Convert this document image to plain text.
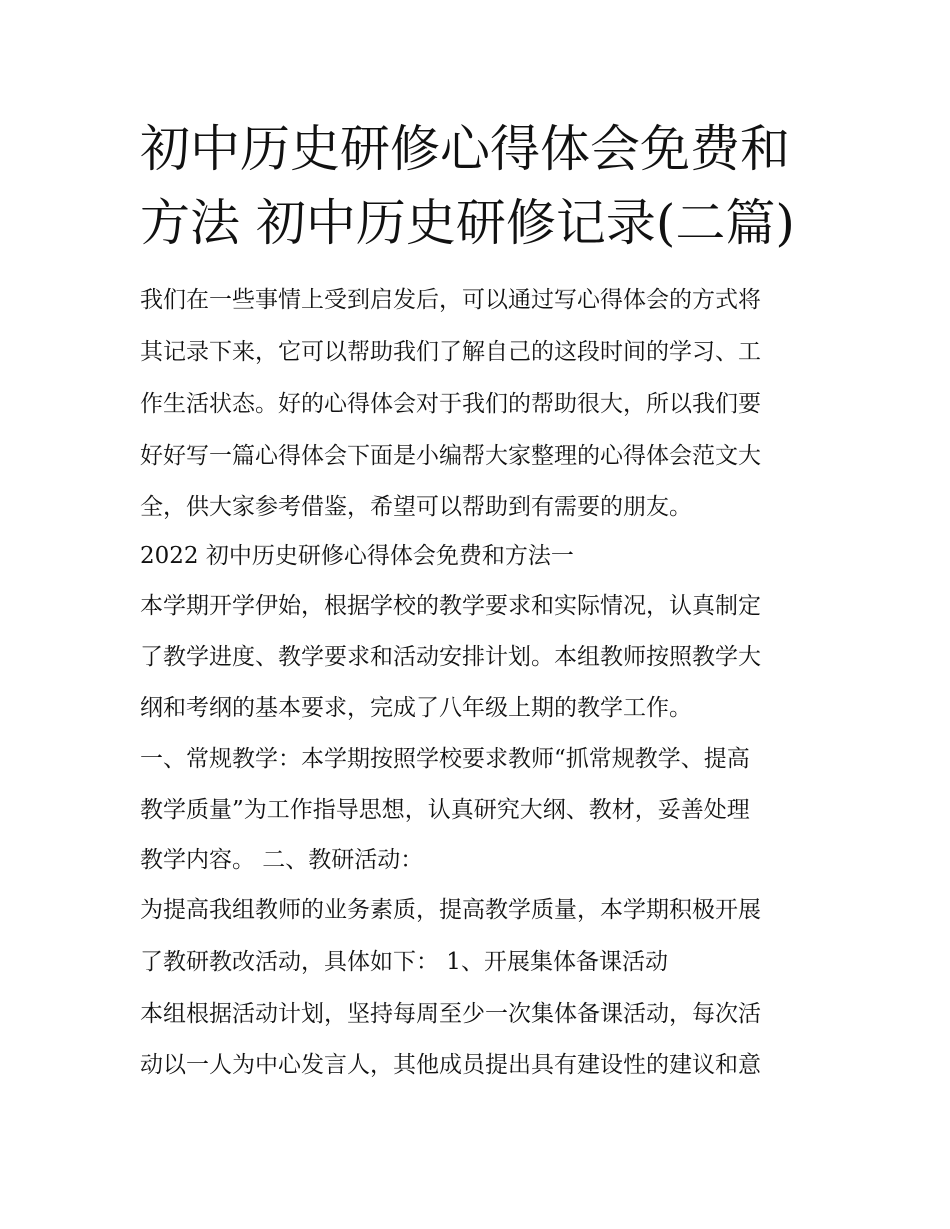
初中历史研修心得体会免费和
方法 初中历史研修记录(二篇)
我们在一些事情上受到启发后，可以通过写心得体会的方式将
其记录下来，它可以帮助我们了解自己的这段时间的学习、工
作生活状态。好的心得体会对于我们的帮助很大，所以我们要
好好写一篇心得体会下面是小编帮大家整理的心得体会范文大
全，供大家参考借鉴，希望可以帮助到有需要的朋友。
2022 初中历史研修心得体会免费和方法一
本学期开学伊始，根据学校的教学要求和实际情况，认真制定
了教学进度、教学要求和活动安排计划。本组教师按照教学大
纲和考纲的基本要求，完成了八年级上期的教学工作。
一、常规教学：本学期按照学校要求教师“抓常规教学、提高
教学质量”为工作指导思想，认真研究大纲、教材，妥善处理
教学内容。 二、教研活动：
为提高我组教师的业务素质，提高教学质量，本学期积极开展
了教研教改活动，具体如下： 1、开展集体备课活动
本组根据活动计划，坚持每周至少一次集体备课活动，每次活
动以一人为中心发言人，其他成员提出具有建设性的建议和意
